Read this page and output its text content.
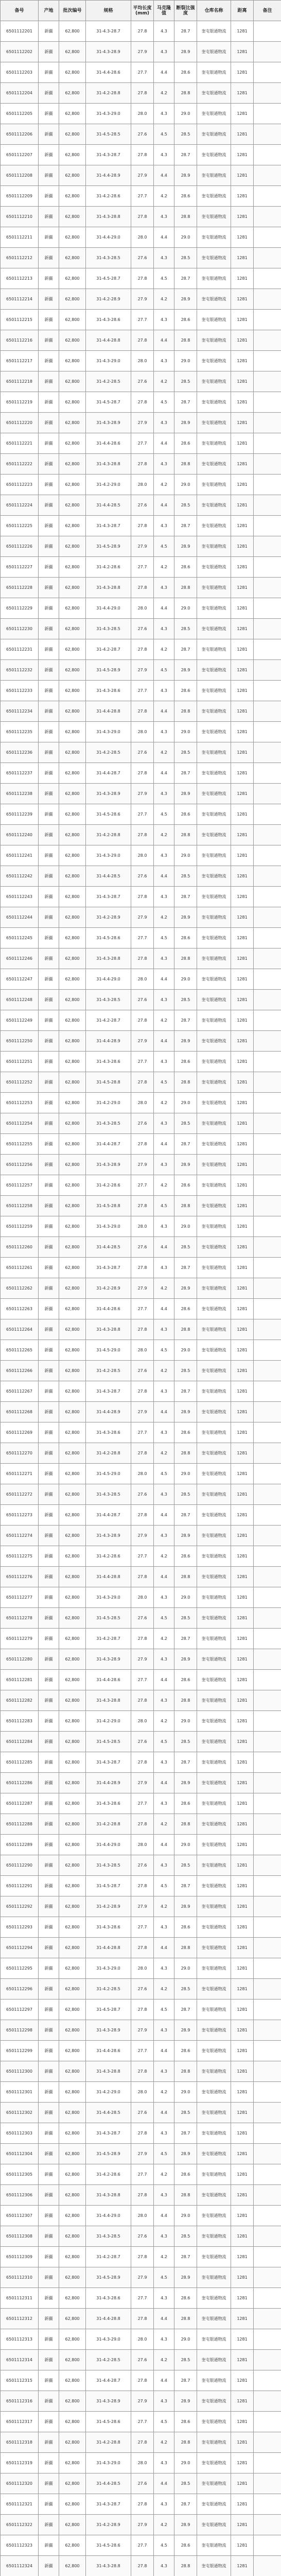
备号	产地	批次编号	规格	平均长度 (mm)	马克隆值	断裂比强度	仓库名称	距离	备注
6501112201	新疆	62,800	31-4.3-28.7	27.8	4.3	28.7	奎屯银通物流	1281	
6501112202	新疆	62,800	31-4.3-28.9	27.9	4.3	28.9	奎屯银通物流	1281	
6501112203	新疆	62,800	31-4.4-28.6	27.7	4.4	28.6	奎屯银通物流	1281	
6501112204	新疆	62,800	31-4.2-28.8	27.8	4.2	28.8	奎屯银通物流	1281	
6501112205	新疆	62,800	31-4.3-29.0	28.0	4.3	29.0	奎屯银通物流	1281	
6501112206	新疆	62,800	31-4.5-28.5	27.6	4.5	28.5	奎屯银通物流	1281	
6501112207	新疆	62,800	31-4.3-28.7	27.8	4.3	28.7	奎屯银通物流	1281	
6501112208	新疆	62,800	31-4.4-28.9	27.9	4.4	28.9	奎屯银通物流	1281	
6501112209	新疆	62,800	31-4.2-28.6	27.7	4.2	28.6	奎屯银通物流	1281	
6501112210	新疆	62,800	31-4.3-28.8	27.8	4.3	28.8	奎屯银通物流	1281	
6501112211	新疆	62,800	31-4.4-29.0	28.0	4.4	29.0	奎屯银通物流	1281	
6501112212	新疆	62,800	31-4.3-28.5	27.6	4.3	28.5	奎屯银通物流	1281	
6501112213	新疆	62,800	31-4.5-28.7	27.8	4.5	28.7	奎屯银通物流	1281	
6501112214	新疆	62,800	31-4.2-28.9	27.9	4.2	28.9	奎屯银通物流	1281	
6501112215	新疆	62,800	31-4.3-28.6	27.7	4.3	28.6	奎屯银通物流	1281	
6501112216	新疆	62,800	31-4.4-28.8	27.8	4.4	28.8	奎屯银通物流	1281	
6501112217	新疆	62,800	31-4.3-29.0	28.0	4.3	29.0	奎屯银通物流	1281	
6501112218	新疆	62,800	31-4.2-28.5	27.6	4.2	28.5	奎屯银通物流	1281	
6501112219	新疆	62,800	31-4.5-28.7	27.8	4.5	28.7	奎屯银通物流	1281	
6501112220	新疆	62,800	31-4.3-28.9	27.9	4.3	28.9	奎屯银通物流	1281	
6501112221	新疆	62,800	31-4.4-28.6	27.7	4.4	28.6	奎屯银通物流	1281	
6501112222	新疆	62,800	31-4.3-28.8	27.8	4.3	28.8	奎屯银通物流	1281	
6501112223	新疆	62,800	31-4.2-29.0	28.0	4.2	29.0	奎屯银通物流	1281	
6501112224	新疆	62,800	31-4.4-28.5	27.6	4.4	28.5	奎屯银通物流	1281	
6501112225	新疆	62,800	31-4.3-28.7	27.8	4.3	28.7	奎屯银通物流	1281	
6501112226	新疆	62,800	31-4.5-28.9	27.9	4.5	28.9	奎屯银通物流	1281	
6501112227	新疆	62,800	31-4.2-28.6	27.7	4.2	28.6	奎屯银通物流	1281	
6501112228	新疆	62,800	31-4.3-28.8	27.8	4.3	28.8	奎屯银通物流	1281	
6501112229	新疆	62,800	31-4.4-29.0	28.0	4.4	29.0	奎屯银通物流	1281	
6501112230	新疆	62,800	31-4.3-28.5	27.6	4.3	28.5	奎屯银通物流	1281	
6501112231	新疆	62,800	31-4.2-28.7	27.8	4.2	28.7	奎屯银通物流	1281	
6501112232	新疆	62,800	31-4.5-28.9	27.9	4.5	28.9	奎屯银通物流	1281	
6501112233	新疆	62,800	31-4.3-28.6	27.7	4.3	28.6	奎屯银通物流	1281	
6501112234	新疆	62,800	31-4.4-28.8	27.8	4.4	28.8	奎屯银通物流	1281	
6501112235	新疆	62,800	31-4.3-29.0	28.0	4.3	29.0	奎屯银通物流	1281	
6501112236	新疆	62,800	31-4.2-28.5	27.6	4.2	28.5	奎屯银通物流	1281	
6501112237	新疆	62,800	31-4.4-28.7	27.8	4.4	28.7	奎屯银通物流	1281	
6501112238	新疆	62,800	31-4.3-28.9	27.9	4.3	28.9	奎屯银通物流	1281	
6501112239	新疆	62,800	31-4.5-28.6	27.7	4.5	28.6	奎屯银通物流	1281	
6501112240	新疆	62,800	31-4.2-28.8	27.8	4.2	28.8	奎屯银通物流	1281	
6501112241	新疆	62,800	31-4.3-29.0	28.0	4.3	29.0	奎屯银通物流	1281	
6501112242	新疆	62,800	31-4.4-28.5	27.6	4.4	28.5	奎屯银通物流	1281	
6501112243	新疆	62,800	31-4.3-28.7	27.8	4.3	28.7	奎屯银通物流	1281	
6501112244	新疆	62,800	31-4.2-28.9	27.9	4.2	28.9	奎屯银通物流	1281	
6501112245	新疆	62,800	31-4.5-28.6	27.7	4.5	28.6	奎屯银通物流	1281	
6501112246	新疆	62,800	31-4.3-28.8	27.8	4.3	28.8	奎屯银通物流	1281	
6501112247	新疆	62,800	31-4.4-29.0	28.0	4.4	29.0	奎屯银通物流	1281	
6501112248	新疆	62,800	31-4.3-28.5	27.6	4.3	28.5	奎屯银通物流	1281	
6501112249	新疆	62,800	31-4.2-28.7	27.8	4.2	28.7	奎屯银通物流	1281	
6501112250	新疆	62,800	31-4.4-28.9	27.9	4.4	28.9	奎屯银通物流	1281	
6501112251	新疆	62,800	31-4.3-28.6	27.7	4.3	28.6	奎屯银通物流	1281	
6501112252	新疆	62,800	31-4.5-28.8	27.8	4.5	28.8	奎屯银通物流	1281	
6501112253	新疆	62,800	31-4.2-29.0	28.0	4.2	29.0	奎屯银通物流	1281	
6501112254	新疆	62,800	31-4.3-28.5	27.6	4.3	28.5	奎屯银通物流	1281	
6501112255	新疆	62,800	31-4.4-28.7	27.8	4.4	28.7	奎屯银通物流	1281	
6501112256	新疆	62,800	31-4.3-28.9	27.9	4.3	28.9	奎屯银通物流	1281	
6501112257	新疆	62,800	31-4.2-28.6	27.7	4.2	28.6	奎屯银通物流	1281	
6501112258	新疆	62,800	31-4.5-28.8	27.8	4.5	28.8	奎屯银通物流	1281	
6501112259	新疆	62,800	31-4.3-29.0	28.0	4.3	29.0	奎屯银通物流	1281	
6501112260	新疆	62,800	31-4.4-28.5	27.6	4.4	28.5	奎屯银通物流	1281	
6501112261	新疆	62,800	31-4.3-28.7	27.8	4.3	28.7	奎屯银通物流	1281	
6501112262	新疆	62,800	31-4.2-28.9	27.9	4.2	28.9	奎屯银通物流	1281	
6501112263	新疆	62,800	31-4.4-28.6	27.7	4.4	28.6	奎屯银通物流	1281	
6501112264	新疆	62,800	31-4.3-28.8	27.8	4.3	28.8	奎屯银通物流	1281	
6501112265	新疆	62,800	31-4.5-29.0	28.0	4.5	29.0	奎屯银通物流	1281	
6501112266	新疆	62,800	31-4.2-28.5	27.6	4.2	28.5	奎屯银通物流	1281	
6501112267	新疆	62,800	31-4.3-28.7	27.8	4.3	28.7	奎屯银通物流	1281	
6501112268	新疆	62,800	31-4.4-28.9	27.9	4.4	28.9	奎屯银通物流	1281	
6501112269	新疆	62,800	31-4.3-28.6	27.7	4.3	28.6	奎屯银通物流	1281	
6501112270	新疆	62,800	31-4.2-28.8	27.8	4.2	28.8	奎屯银通物流	1281	
6501112271	新疆	62,800	31-4.5-29.0	28.0	4.5	29.0	奎屯银通物流	1281	
6501112272	新疆	62,800	31-4.3-28.5	27.6	4.3	28.5	奎屯银通物流	1281	
6501112273	新疆	62,800	31-4.4-28.7	27.8	4.4	28.7	奎屯银通物流	1281	
6501112274	新疆	62,800	31-4.3-28.9	27.9	4.3	28.9	奎屯银通物流	1281	
6501112275	新疆	62,800	31-4.2-28.6	27.7	4.2	28.6	奎屯银通物流	1281	
6501112276	新疆	62,800	31-4.4-28.8	27.8	4.4	28.8	奎屯银通物流	1281	
6501112277	新疆	62,800	31-4.3-29.0	28.0	4.3	29.0	奎屯银通物流	1281	
6501112278	新疆	62,800	31-4.5-28.5	27.6	4.5	28.5	奎屯银通物流	1281	
6501112279	新疆	62,800	31-4.2-28.7	27.8	4.2	28.7	奎屯银通物流	1281	
6501112280	新疆	62,800	31-4.3-28.9	27.9	4.3	28.9	奎屯银通物流	1281	
6501112281	新疆	62,800	31-4.4-28.6	27.7	4.4	28.6	奎屯银通物流	1281	
6501112282	新疆	62,800	31-4.3-28.8	27.8	4.3	28.8	奎屯银通物流	1281	
6501112283	新疆	62,800	31-4.2-29.0	28.0	4.2	29.0	奎屯银通物流	1281	
6501112284	新疆	62,800	31-4.5-28.5	27.6	4.5	28.5	奎屯银通物流	1281	
6501112285	新疆	62,800	31-4.3-28.7	27.8	4.3	28.7	奎屯银通物流	1281	
6501112286	新疆	62,800	31-4.4-28.9	27.9	4.4	28.9	奎屯银通物流	1281	
6501112287	新疆	62,800	31-4.3-28.6	27.7	4.3	28.6	奎屯银通物流	1281	
6501112288	新疆	62,800	31-4.2-28.8	27.8	4.2	28.8	奎屯银通物流	1281	
6501112289	新疆	62,800	31-4.4-29.0	28.0	4.4	29.0	奎屯银通物流	1281	
6501112290	新疆	62,800	31-4.3-28.5	27.6	4.3	28.5	奎屯银通物流	1281	
6501112291	新疆	62,800	31-4.5-28.7	27.8	4.5	28.7	奎屯银通物流	1281	
6501112292	新疆	62,800	31-4.2-28.9	27.9	4.2	28.9	奎屯银通物流	1281	
6501112293	新疆	62,800	31-4.3-28.6	27.7	4.3	28.6	奎屯银通物流	1281	
6501112294	新疆	62,800	31-4.4-28.8	27.8	4.4	28.8	奎屯银通物流	1281	
6501112295	新疆	62,800	31-4.3-29.0	28.0	4.3	29.0	奎屯银通物流	1281	
6501112296	新疆	62,800	31-4.2-28.5	27.6	4.2	28.5	奎屯银通物流	1281	
6501112297	新疆	62,800	31-4.5-28.7	27.8	4.5	28.7	奎屯银通物流	1281	
6501112298	新疆	62,800	31-4.3-28.9	27.9	4.3	28.9	奎屯银通物流	1281	
6501112299	新疆	62,800	31-4.4-28.6	27.7	4.4	28.6	奎屯银通物流	1281	
6501112300	新疆	62,800	31-4.3-28.8	27.8	4.3	28.8	奎屯银通物流	1281	
6501112301	新疆	62,800	31-4.2-29.0	28.0	4.2	29.0	奎屯银通物流	1281	
6501112302	新疆	62,800	31-4.4-28.5	27.6	4.4	28.5	奎屯银通物流	1281	
6501112303	新疆	62,800	31-4.3-28.7	27.8	4.3	28.7	奎屯银通物流	1281	
6501112304	新疆	62,800	31-4.5-28.9	27.9	4.5	28.9	奎屯银通物流	1281	
6501112305	新疆	62,800	31-4.2-28.6	27.7	4.2	28.6	奎屯银通物流	1281	
6501112306	新疆	62,800	31-4.3-28.8	27.8	4.3	28.8	奎屯银通物流	1281	
6501112307	新疆	62,800	31-4.4-29.0	28.0	4.4	29.0	奎屯银通物流	1281	
6501112308	新疆	62,800	31-4.3-28.5	27.6	4.3	28.5	奎屯银通物流	1281	
6501112309	新疆	62,800	31-4.2-28.7	27.8	4.2	28.7	奎屯银通物流	1281	
6501112310	新疆	62,800	31-4.5-28.9	27.9	4.5	28.9	奎屯银通物流	1281	
6501112311	新疆	62,800	31-4.3-28.6	27.7	4.3	28.6	奎屯银通物流	1281	
6501112312	新疆	62,800	31-4.4-28.8	27.8	4.4	28.8	奎屯银通物流	1281	
6501112313	新疆	62,800	31-4.3-29.0	28.0	4.3	29.0	奎屯银通物流	1281	
6501112314	新疆	62,800	31-4.2-28.5	27.6	4.2	28.5	奎屯银通物流	1281	
6501112315	新疆	62,800	31-4.4-28.7	27.8	4.4	28.7	奎屯银通物流	1281	
6501112316	新疆	62,800	31-4.3-28.9	27.9	4.3	28.9	奎屯银通物流	1281	
6501112317	新疆	62,800	31-4.5-28.6	27.7	4.5	28.6	奎屯银通物流	1281	
6501112318	新疆	62,800	31-4.2-28.8	27.8	4.2	28.8	奎屯银通物流	1281	
6501112319	新疆	62,800	31-4.3-29.0	28.0	4.3	29.0	奎屯银通物流	1281	
6501112320	新疆	62,800	31-4.4-28.5	27.6	4.4	28.5	奎屯银通物流	1281	
6501112321	新疆	62,800	31-4.3-28.7	27.8	4.3	28.7	奎屯银通物流	1281	
6501112322	新疆	62,800	31-4.2-28.9	27.9	4.2	28.9	奎屯银通物流	1281	
6501112323	新疆	62,800	31-4.5-28.6	27.7	4.5	28.6	奎屯银通物流	1281	
6501112324	新疆	62,800	31-4.3-28.8	27.8	4.3	28.8	奎屯银通物流	1281	
